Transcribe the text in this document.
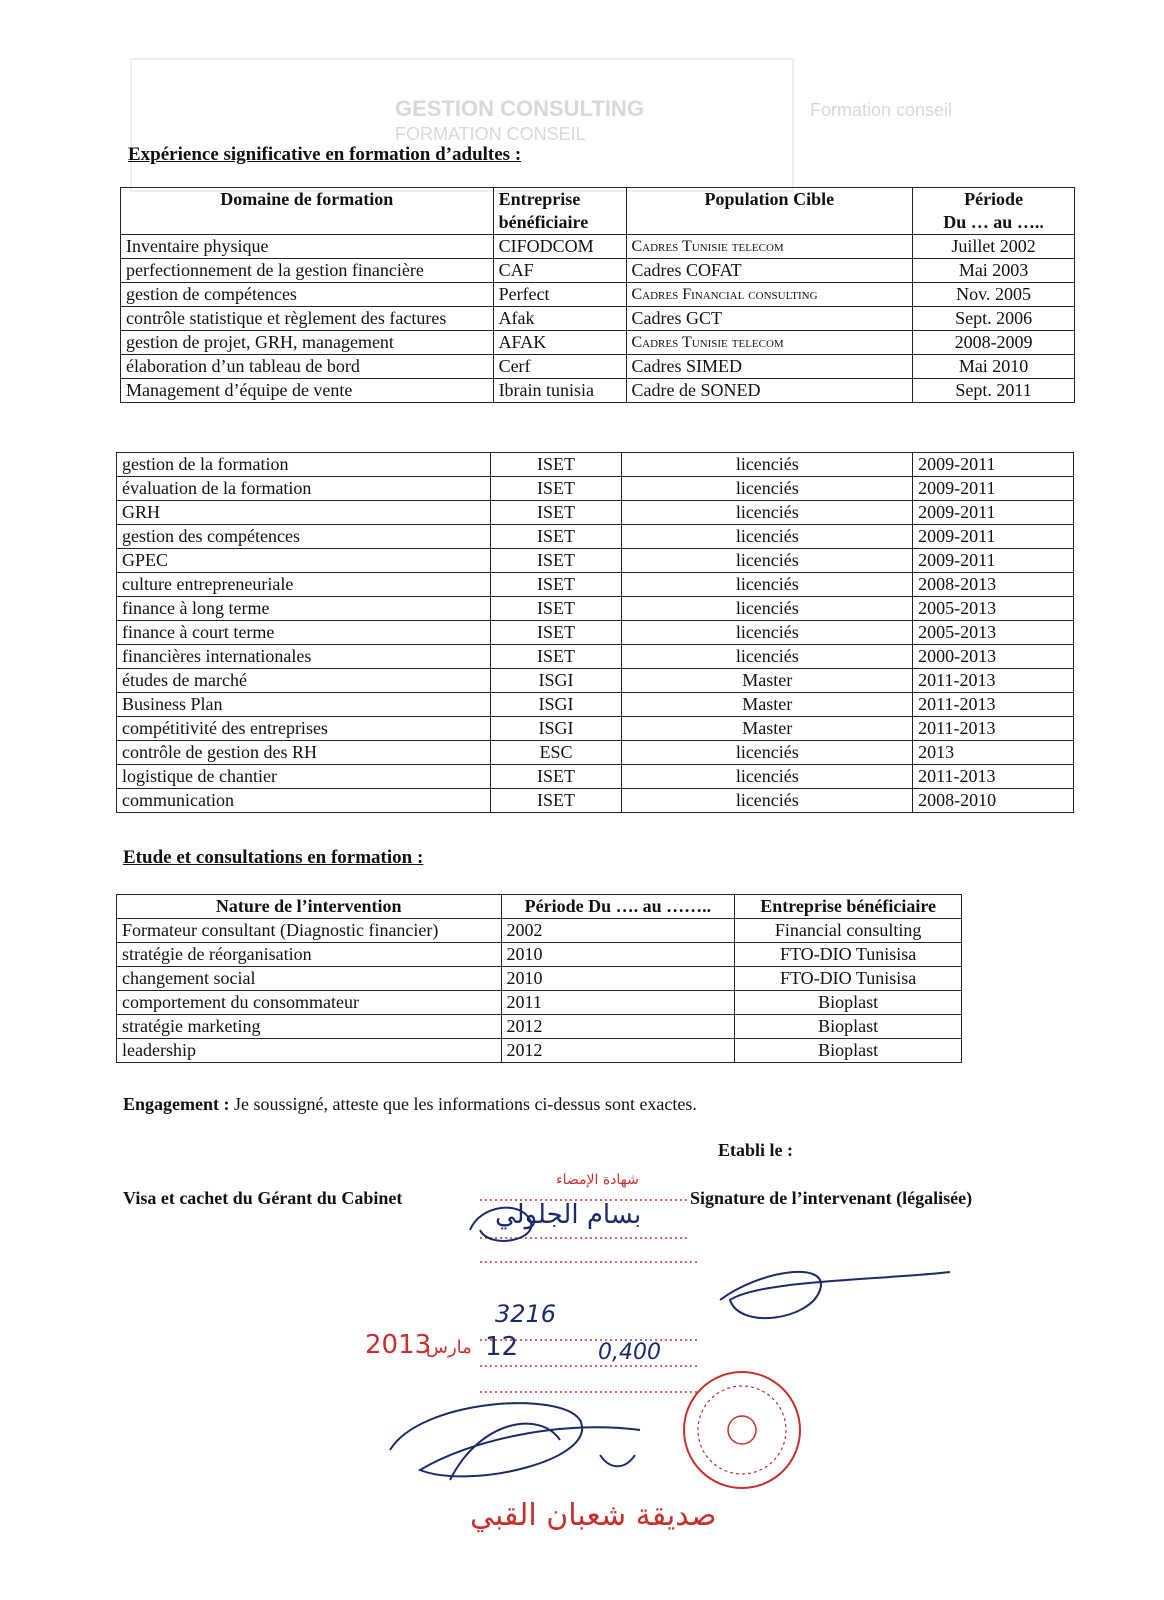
GESTION CONSULTING
FORMATION CONSEIL
Formation conseil
Expérience significative en formation d’adultes :
Domaine de formation	Entreprise bénéficiaire	Population Cible	Période
Du … au …..
Inventaire physique	CIFODCOM	Cadres Tunisie telecom	Juillet 2002
perfectionnement de la gestion financière	CAF	Cadres COFAT	Mai 2003
gestion de compétences	Perfect	Cadres Financial consulting	Nov. 2005
contrôle statistique et règlement des factures	Afak	Cadres GCT	Sept. 2006
gestion de projet, GRH, management	AFAK	Cadres Tunisie telecom	2008-2009
élaboration d’un tableau de bord	Cerf	Cadres SIMED	Mai 2010
Management d’équipe de vente	Ibrain tunisia	Cadre de SONED	Sept. 2011
gestion de la formation	ISET	licenciés	2009-2011
évaluation de la formation	ISET	licenciés	2009-2011
GRH	ISET	licenciés	2009-2011
gestion des compétences	ISET	licenciés	2009-2011
GPEC	ISET	licenciés	2009-2011
culture entrepreneuriale	ISET	licenciés	2008-2013
finance à long terme	ISET	licenciés	2005-2013
finance à court terme	ISET	licenciés	2005-2013
financières internationales	ISET	licenciés	2000-2013
études de marché	ISGI	Master	2011-2013
Business Plan	ISGI	Master	2011-2013
compétitivité des entreprises	ISGI	Master	2011-2013
contrôle de gestion des RH	ESC	licenciés	2013
logistique de chantier	ISET	licenciés	2011-2013
communication	ISET	licenciés	2008-2010
Etude et consultations en formation :
Nature de l’intervention	Période Du …. au ……..	Entreprise bénéficiaire
Formateur consultant (Diagnostic financier)	2002	Financial consulting
stratégie de réorganisation	2010	FTO-DIO Tunisisa
changement social	2010	FTO-DIO Tunisisa
comportement du consommateur	2011	Bioplast
stratégie marketing	2012	Bioplast
leadership	2012	Bioplast
Engagement : Je soussigné, atteste que les informations ci-dessus sont exactes.
Etabli le :
Visa et cachet du Gérant du Cabinet	Signature de l’intervenant (légalisée)
شهادة الإمضاء
بسام الجلولي
3216
2013
مارس 12	0,400
صديقة شعبان القبي
